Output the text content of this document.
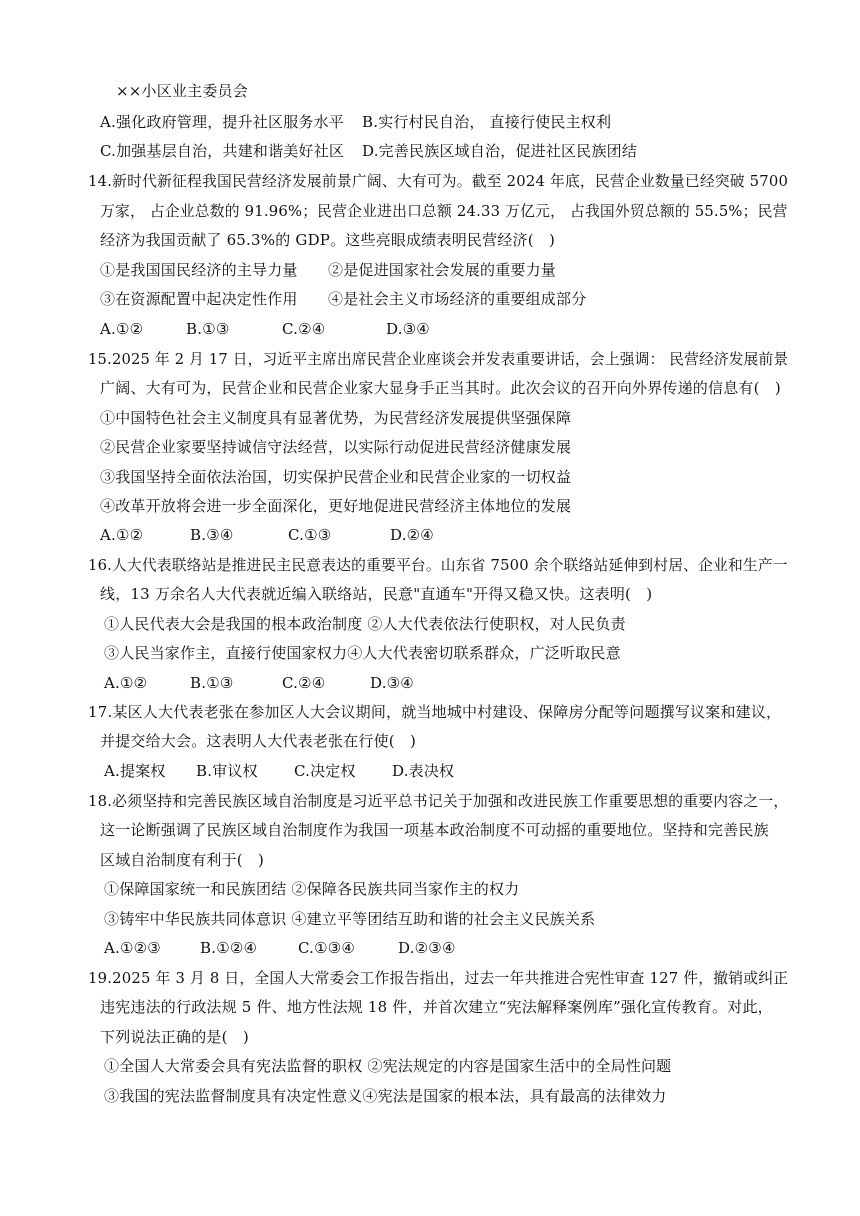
××小区业主委员会
A.强化政府管理，提升社区服务水平 B.实行村民自治， 直接行使民主权利
C.加强基层自治，共建和谐美好社区 D.完善民族区域自治，促进社区民族团结
14.新时代新征程我国民营经济发展前景广阔、大有可为。截至 2024 年底，民营企业数量已经突破 5700
万家， 占企业总数的 91.96%；民营企业进出口总额 24.33 万亿元， 占我国外贸总额的 55.5%；民营
经济为我国贡献了 65.3%的 GDP。这些亮眼成绩表明民营经济(　)
①是我国国民经济的主导力量　　②是促进国家社会发展的重要力量
③在资源配置中起决定性作用　　④是社会主义市场经济的重要组成部分
A.①②	B.①③	C.②④	D.③④
15.2025 年 2 月 17 日，习近平主席出席民营企业座谈会并发表重要讲话，会上强调： 民营经济发展前景
广阔、大有可为，民营企业和民营企业家大显身手正当其时。此次会议的召开向外界传递的信息有(　)
①中国特色社会主义制度具有显著优势，为民营经济发展提供坚强保障
②民营企业家要坚持诚信守法经营，以实际行动促进民营经济健康发展
③我国坚持全面依法治国，切实保护民营企业和民营企业家的一切权益
④改革开放将会进一步全面深化，更好地促进民营经济主体地位的发展
A.①②	B.③④	C.①③	D.②④
16.人大代表联络站是推进民主民意表达的重要平台。山东省 7500 余个联络站延伸到村居、企业和生产一
线，13 万余名人大代表就近编入联络站，民意"直通车"开得又稳又快。这表明(　)
①人民代表大会是我国的根本政治制度 ②人大代表依法行使职权，对人民负责
③人民当家作主，直接行使国家权力④人大代表密切联系群众，广泛听取民意
A.①②	B.①③	C.②④	D.③④
17.某区人大代表老张在参加区人大会议期间，就当地城中村建设、保障房分配等问题撰写议案和建议，
并提交给大会。这表明人大代表老张在行使(　)
A.提案权 B.审议权 C.决定权 D.表决权
18.必须坚持和完善民族区域自治制度是习近平总书记关于加强和改进民族工作重要思想的重要内容之一，
这一论断强调了民族区域自治制度作为我国一项基本政治制度不可动摇的重要地位。坚持和完善民族
区域自治制度有利于(　)
①保障国家统一和民族团结 ②保障各民族共同当家作主的权力
③铸牢中华民族共同体意识 ④建立平等团结互助和谐的社会主义民族关系
A.①②③	B.①②④	C.①③④	D.②③④
19.2025 年 3 月 8 日，全国人大常委会工作报告指出，过去一年共推进合宪性审查 127 件，撤销或纠正
违宪违法的行政法规 5 件、地方性法规 18 件，并首次建立“宪法解释案例库”强化宣传教育。对此，
下列说法正确的是(　)
①全国人大常委会具有宪法监督的职权 ②宪法规定的内容是国家生活中的全局性问题
③我国的宪法监督制度具有决定性意义④宪法是国家的根本法，具有最高的法律效力
